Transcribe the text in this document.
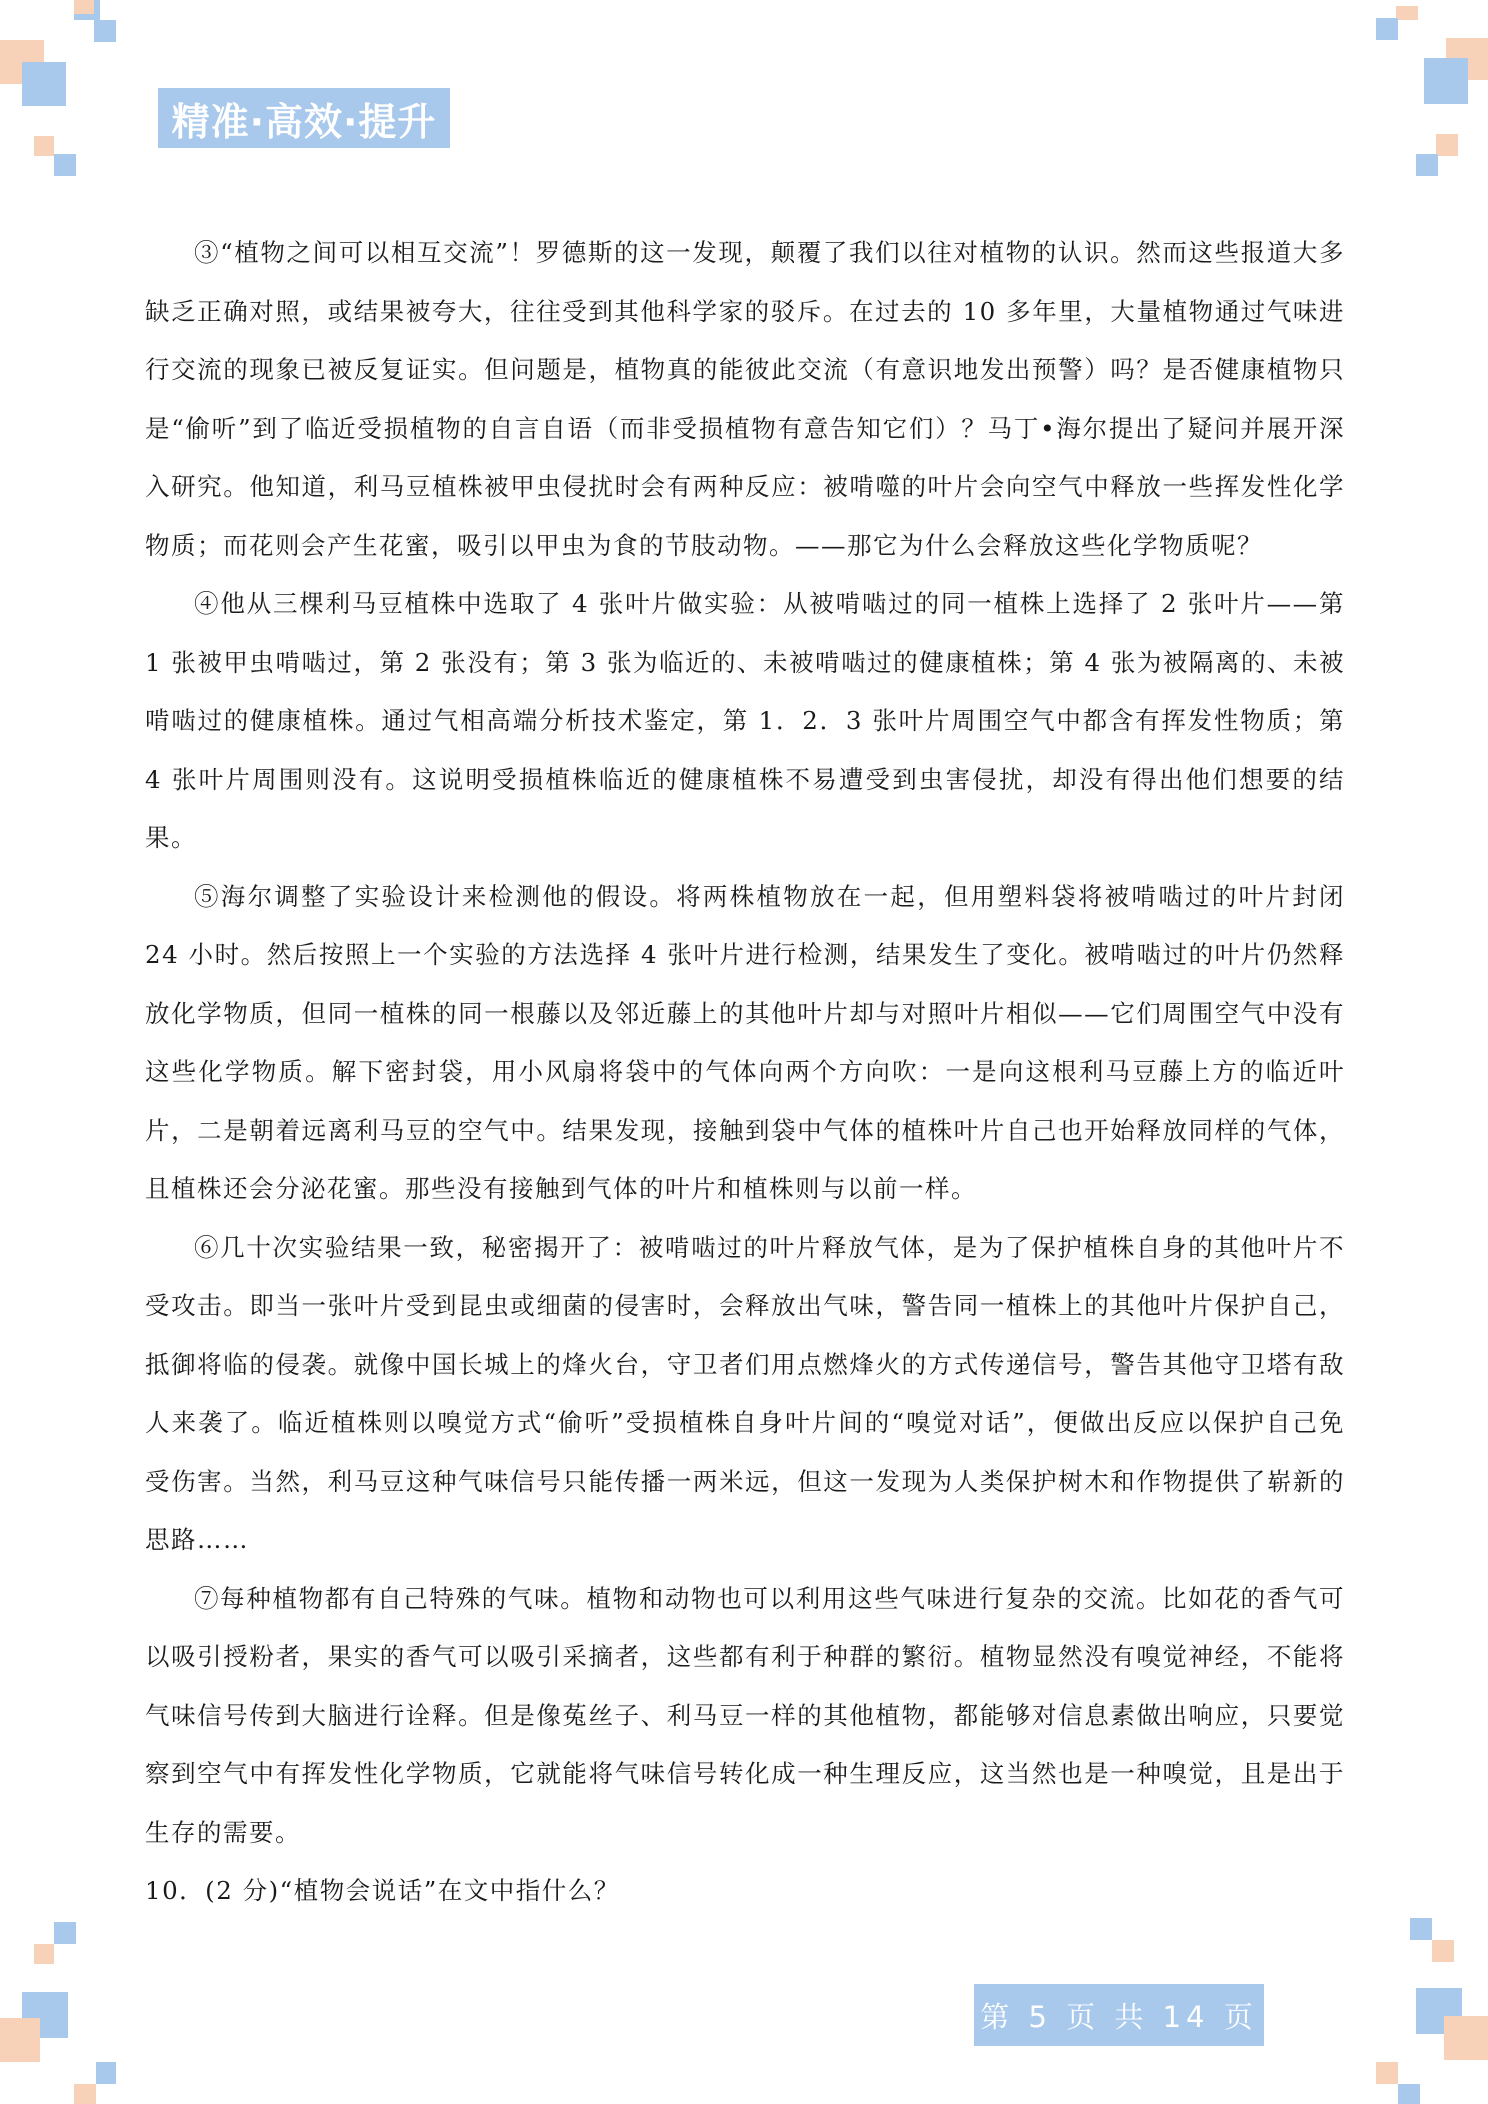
精准·高效·提升

③“植物之间可以相互交流”！罗德斯的这一发现，颠覆了我们以往对植物的认识。然而这些报道大多缺乏正确对照，或结果被夸大，往往受到其他科学家的驳斥。在过去的 10 多年里，大量植物通过气味进行交流的现象已被反复证实。但问题是，植物真的能彼此交流（有意识地发出预警）吗？是否健康植物只是“偷听”到了临近受损植物的自言自语（而非受损植物有意告知它们）？马丁•海尔提出了疑问并展开深入研究。他知道，利马豆植株被甲虫侵扰时会有两种反应：被啃噬的叶片会向空气中释放一些挥发性化学物质；而花则会产生花蜜，吸引以甲虫为食的节肢动物。——那它为什么会释放这些化学物质呢？

④他从三棵利马豆植株中选取了 4 张叶片做实验：从被啃啮过的同一植株上选择了 2 张叶片——第 1 张被甲虫啃啮过，第 2 张没有；第 3 张为临近的、未被啃啮过的健康植株；第 4 张为被隔离的、未被啃啮过的健康植株。通过气相高端分析技术鉴定，第 1．2．3 张叶片周围空气中都含有挥发性物质；第 4 张叶片周围则没有。这说明受损植株临近的健康植株不易遭受到虫害侵扰，却没有得出他们想要的结果。

⑤海尔调整了实验设计来检测他的假设。将两株植物放在一起，但用塑料袋将被啃啮过的叶片封闭 24 小时。然后按照上一个实验的方法选择 4 张叶片进行检测，结果发生了变化。被啃啮过的叶片仍然释放化学物质，但同一植株的同一根藤以及邻近藤上的其他叶片却与对照叶片相似——它们周围空气中没有这些化学物质。解下密封袋，用小风扇将袋中的气体向两个方向吹：一是向这根利马豆藤上方的临近叶片，二是朝着远离利马豆的空气中。结果发现，接触到袋中气体的植株叶片自己也开始释放同样的气体，且植株还会分泌花蜜。那些没有接触到气体的叶片和植株则与以前一样。

⑥几十次实验结果一致，秘密揭开了：被啃啮过的叶片释放气体，是为了保护植株自身的其他叶片不受攻击。即当一张叶片受到昆虫或细菌的侵害时，会释放出气味，警告同一植株上的其他叶片保护自己，抵御将临的侵袭。就像中国长城上的烽火台，守卫者们用点燃烽火的方式传递信号，警告其他守卫塔有敌人来袭了。临近植株则以嗅觉方式“偷听”受损植株自身叶片间的“嗅觉对话”，便做出反应以保护自己免受伤害。当然，利马豆这种气味信号只能传播一两米远，但这一发现为人类保护树木和作物提供了崭新的思路……

⑦每种植物都有自己特殊的气味。植物和动物也可以利用这些气味进行复杂的交流。比如花的香气可以吸引授粉者，果实的香气可以吸引采摘者，这些都有利于种群的繁衍。植物显然没有嗅觉神经，不能将气味信号传到大脑进行诠释。但是像菟丝子、利马豆一样的其他植物，都能够对信息素做出响应，只要觉察到空气中有挥发性化学物质，它就能将气味信号转化成一种生理反应，这当然也是一种嗅觉，且是出于生存的需要。

10．(2 分)“植物会说话”在文中指什么？

第 5 页 共 14 页
